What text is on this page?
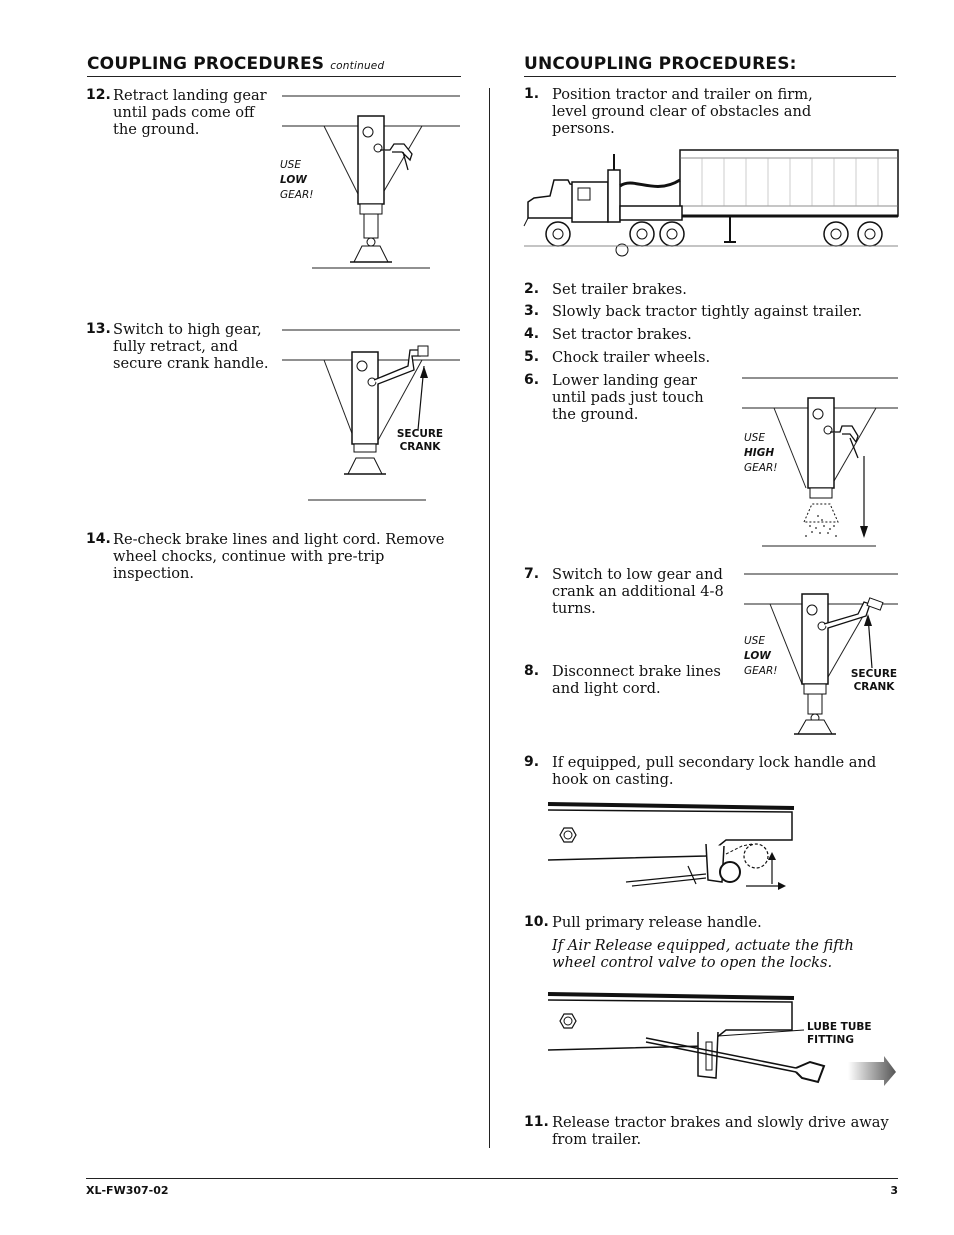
COUPLING PROCEDURES continued
12. Retract landing gear until pads come off the ground.
USE
LOW
GEAR!
13. Switch to high gear, fully retract, and secure crank handle.
SECURE
CRANK
14. Re-check brake lines and light cord. Remove wheel chocks, continue with pre-trip inspection.
UNCOUPLING PROCEDURES:
1. Position tractor and trailer on firm, level ground clear of obstacles and persons.
2. Set trailer brakes.
3. Slowly back tractor tightly against trailer.
4. Set tractor brakes.
5. Chock trailer wheels.
6. Lower landing gear until pads just touch the ground.
USE
HIGH
GEAR!
7. Switch to low gear and crank an additional 4-8 turns.
USE
LOW
GEAR!	SECURE
CRANK
8. Disconnect brake lines and light cord.
9. If equipped, pull secondary lock handle and hook on casting.
10. Pull primary release handle.
If Air Release equipped, actuate the fifth wheel control valve to open the locks.
LUBE TUBE
FITTING
11. Release tractor brakes and slowly drive away from trailer.
XL-FW307-02	3
